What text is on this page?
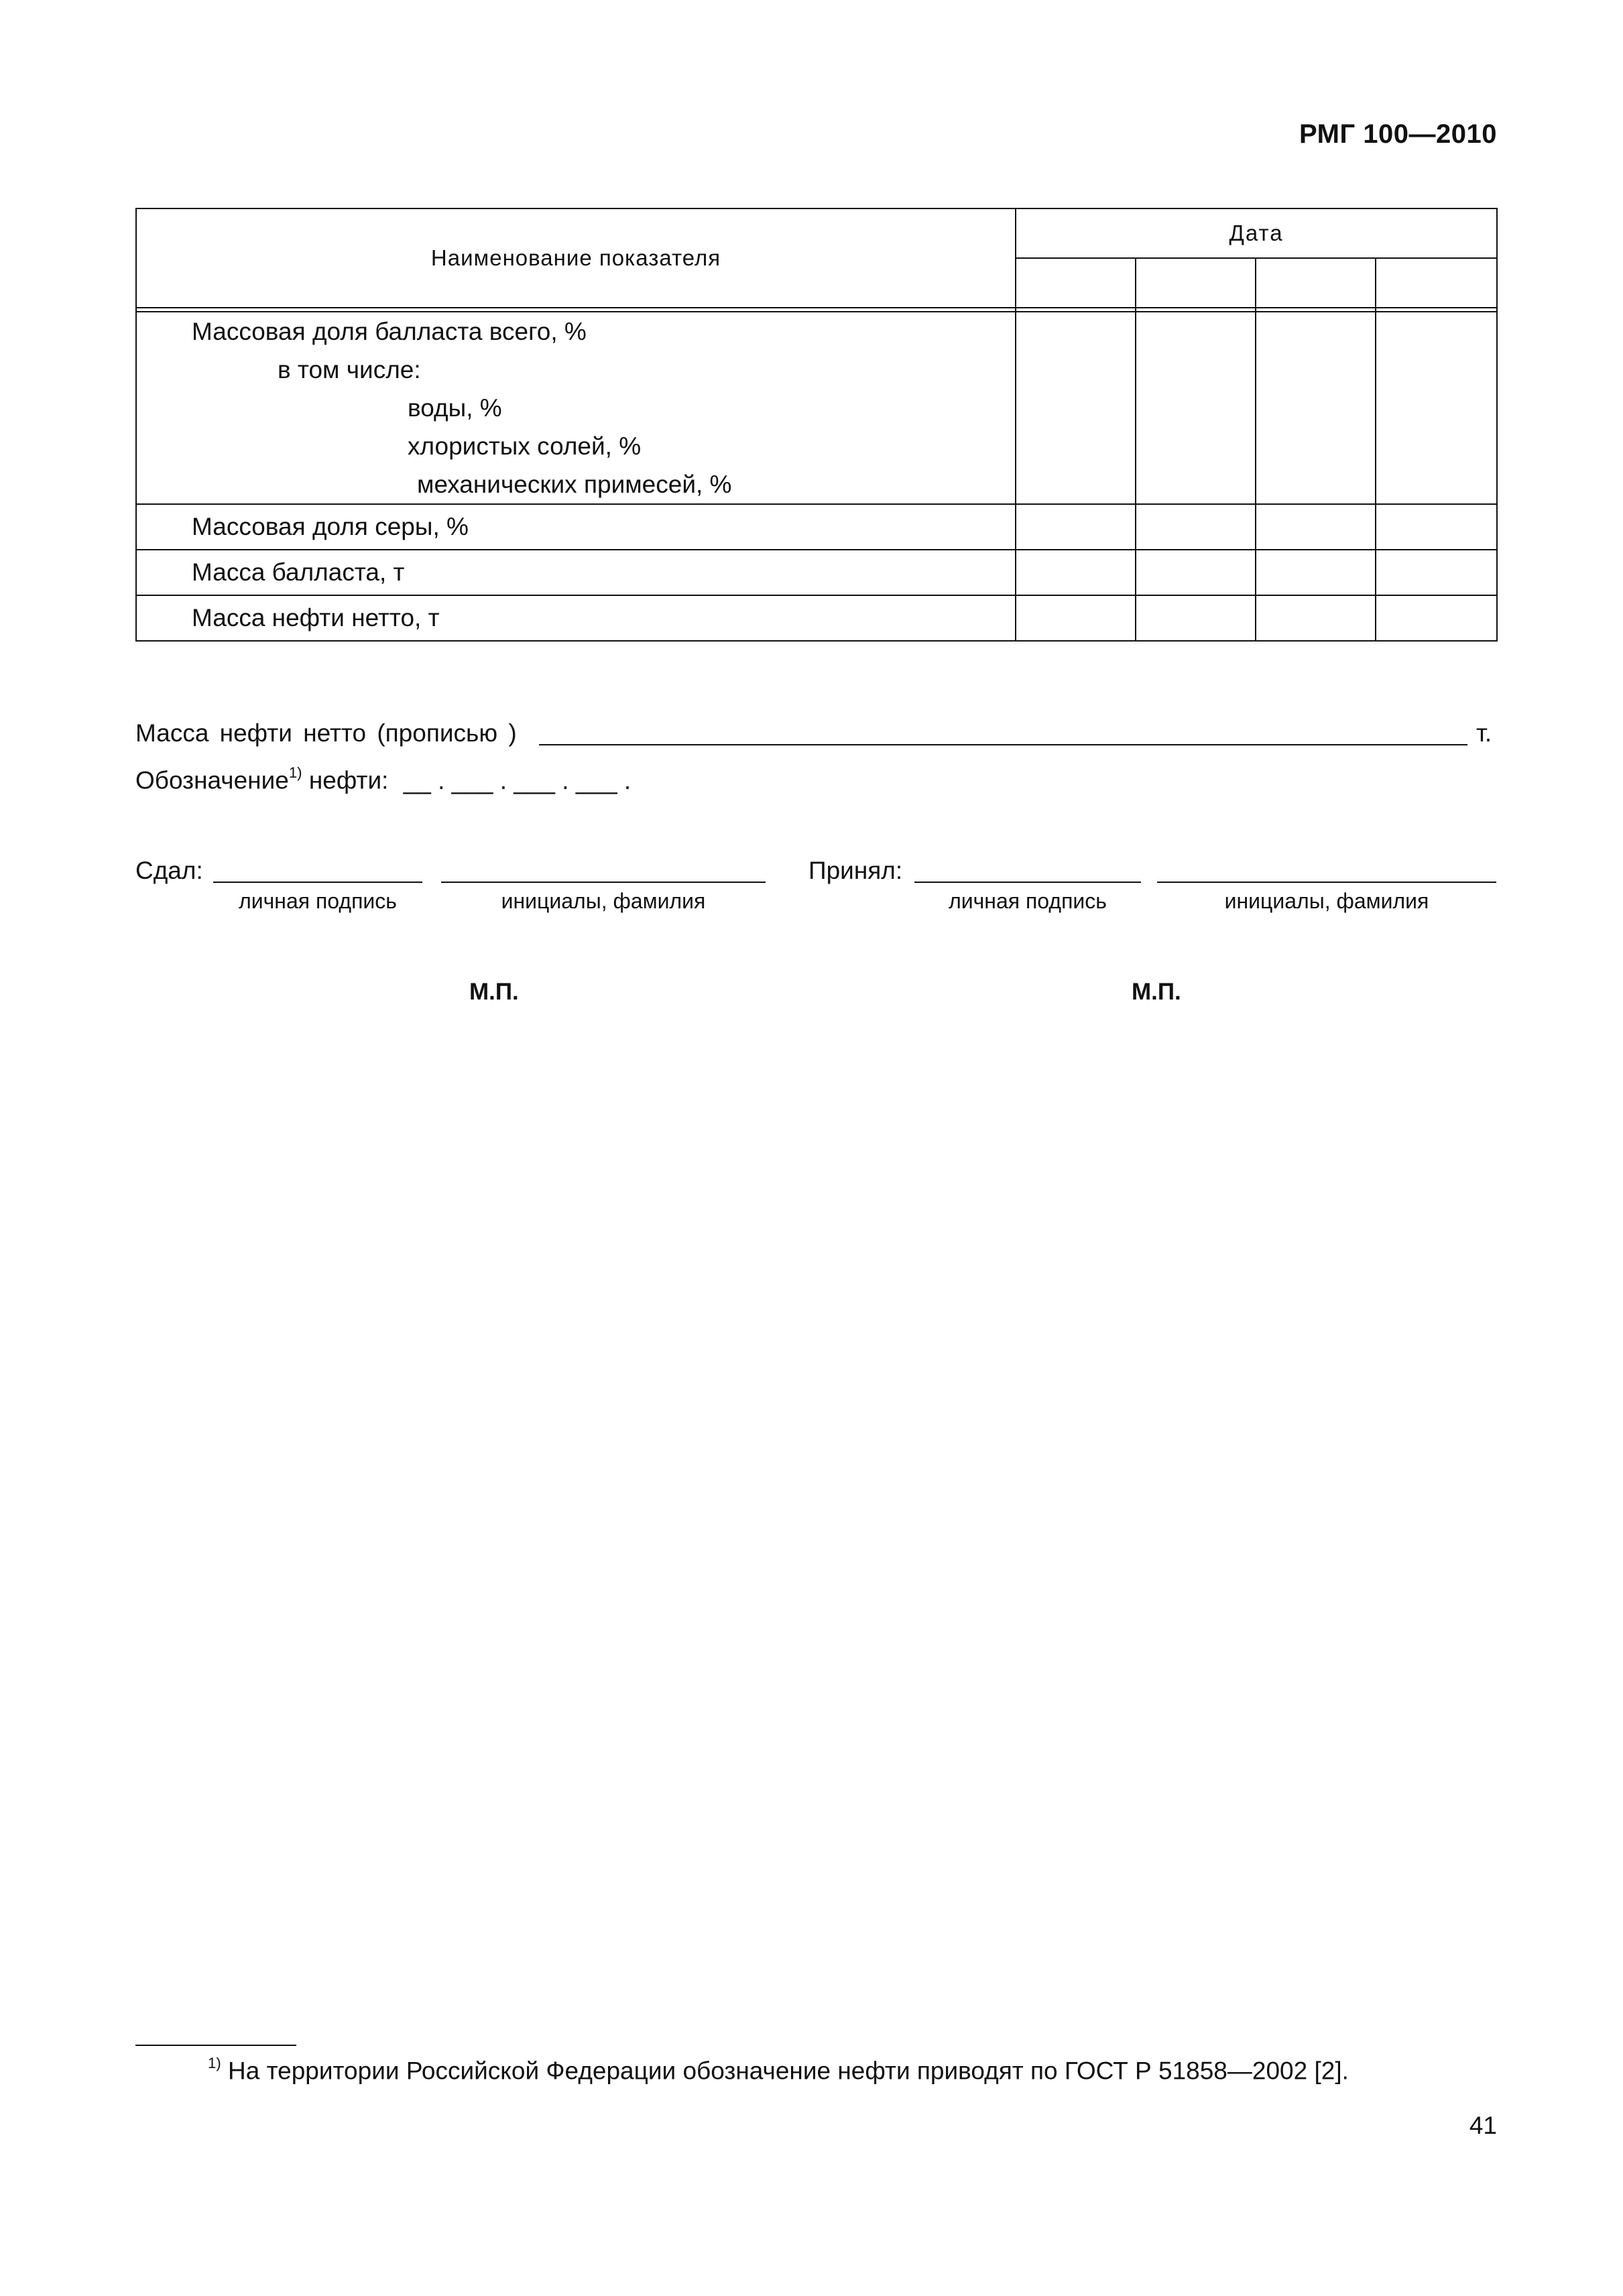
РМГ 100—2010
Наименование показателя	Дата			

Массовая доля балласта всего, %
в том числе:
воды, %
хлористых солей, %
механических примесей, %				

Массовая доля серы, %				
Масса балласта, т				
Масса нефти нетто, т				
Масса нефти нетто (прописью )	т.
Обозначение$^{1)}$ нефти: __ . ___ . ___ . ___ .
Сдал:
личная подпись	инициалы, фамилия
Принял:
личная подпись	инициалы, фамилия
М.П.	М.П.
$^{1)}$ На территории Российской Федерации обозначение нефти приводят по ГОСТ Р 51858—2002 [2].
41
